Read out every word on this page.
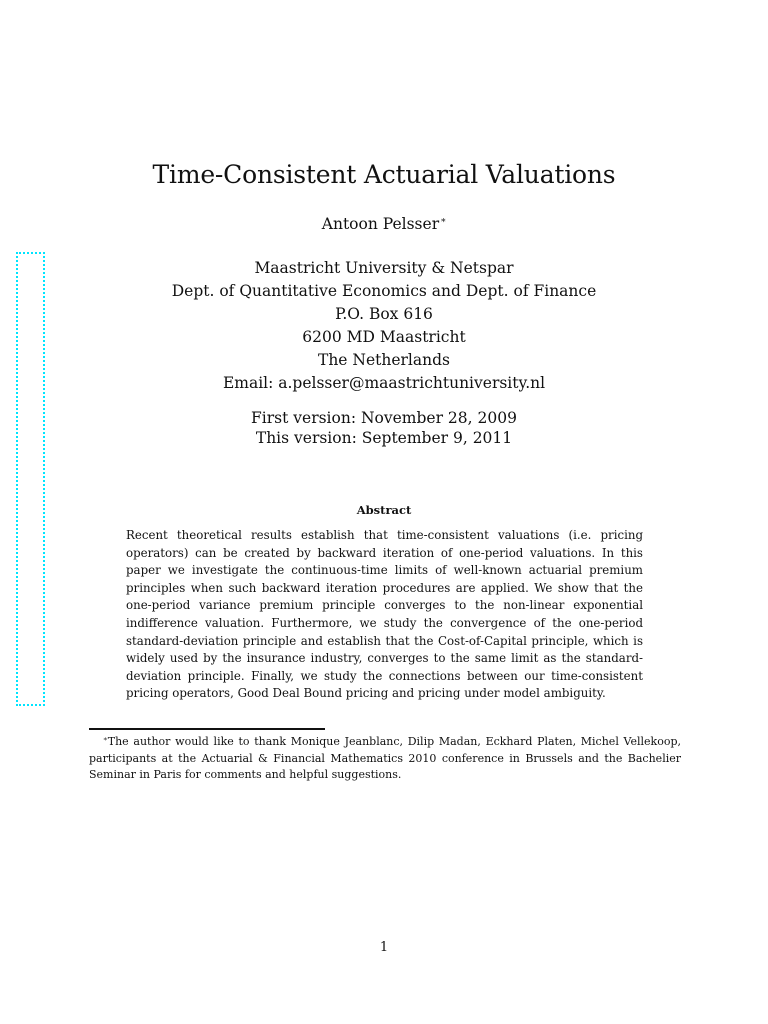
Time-Consistent Actuarial Valuations
Antoon Pelsser∗
Maastricht University & Netspar
Dept. of Quantitative Economics and Dept. of Finance
P.O. Box 616
6200 MD Maastricht
The Netherlands
Email: a.pelsser@maastrichtuniversity.nl
First version: November 28, 2009
This version: September 9, 2011
Abstract
Recent theoretical results establish that time-consistent valuations (i.e. pricing operators) can be created by backward iteration of one-period valuations. In this paper we investigate the continuous-time limits of well-known actuarial premium principles when such backward iteration procedures are applied. We show that the one-period variance premium principle converges to the non-linear exponential indifference valuation. Furthermore, we study the convergence of the one-period standard-deviation principle and establish that the Cost-of-Capital principle, which is widely used by the insurance industry, converges to the same limit as the standard-deviation principle. Finally, we study the connections between our time-consistent pricing operators, Good Deal Bound pricing and pricing under model ambiguity.
∗The author would like to thank Monique Jeanblanc, Dilip Madan, Eckhard Platen, Michel Vellekoop, participants at the Actuarial & Financial Mathematics 2010 conference in Brussels and the Bachelier Seminar in Paris for comments and helpful suggestions.
1
